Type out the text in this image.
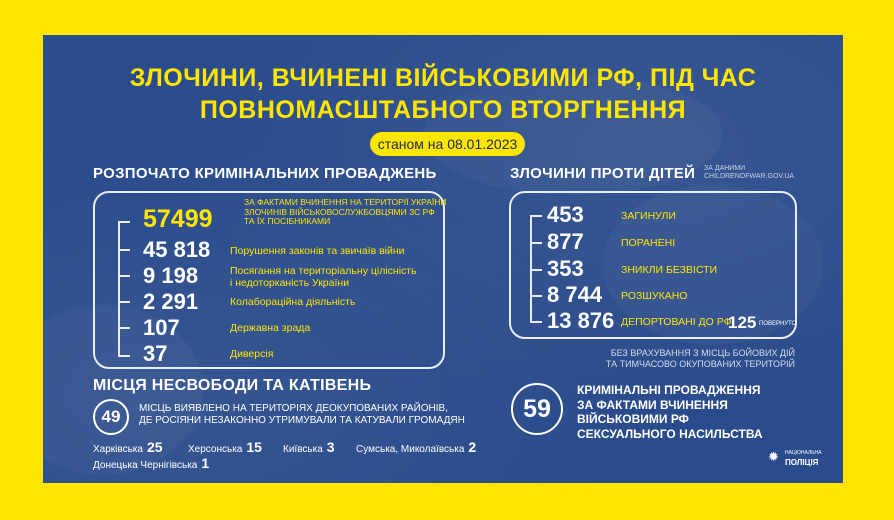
ЗЛОЧИНИ, ВЧИНЕНІ ВІЙСЬКОВИМИ РФ, ПІД ЧАС
ПОВНОМАСШТАБНОГО ВТОРГНЕННЯ
станом на 08.01.2023
РОЗПОЧАТО КРИМІНАЛЬНИХ ПРОВАДЖЕНЬ
57499
ЗА ФАКТАМИ ВЧИНЕННЯ НА ТЕРИТОРІЇ УКРАЇНИ
ЗЛОЧИНІВ ВІЙСЬКОВОСЛУЖБОВЦЯМИ ЗС РФ
ТА ЇХ ПОСІБНИКАМИ
45 818 Порушення законів та звичаїв війни
9 198	Посягання на територіальну цілісність
і недоторканість України
2 291	Колабораційна діяльність
107	Державна зрада
37	Диверсія
ЗЛОЧИНИ ПРОТИ ДІТЕЙ ЗА ДАНИМИ
CHILDRENOFWAR.GOV.UA
453	ЗАГИНУЛИ
877	ПОРАНЕНІ
353	ЗНИКЛИ БЕЗВІСТИ
8 744 РОЗШУКАНО
13 876 ДЕПОРТОВАНІ ДО РФ
125 ПОВЕРНУТО
БЕЗ ВРАХУВАННЯ З МІСЦЬ БОЙОВИХ ДІЙ
ТА ТИМЧАСОВО ОКУПОВАНИХ ТЕРИТОРІЙ
МІСЦЯ НЕСВОБОДИ ТА КАТІВЕНЬ
49	МІСЦЬ ВИЯВЛЕНО НА ТЕРИТОРІЯХ ДЕОКУПОВАНИХ РАЙОНІВ,
ДЕ РОСІЯНИ НЕЗАКОННО УТРИМУВАЛИ ТА КАТУВАЛИ ГРОМАДЯН
Харківська 25	Херсонська 15 Київська 3 Сумська, Миколаївська 2
Донецька Чернігівська 1
59
КРИМІНАЛЬНІ ПРОВАДЖЕННЯ
ЗА ФАКТАМИ ВЧИНЕННЯ
ВІЙСЬКОВИМИ РФ
СЕКСУАЛЬНОГО НАСИЛЬСТВА
✹ НАЦІОНАЛЬНА
ПОЛІЦІЯ
